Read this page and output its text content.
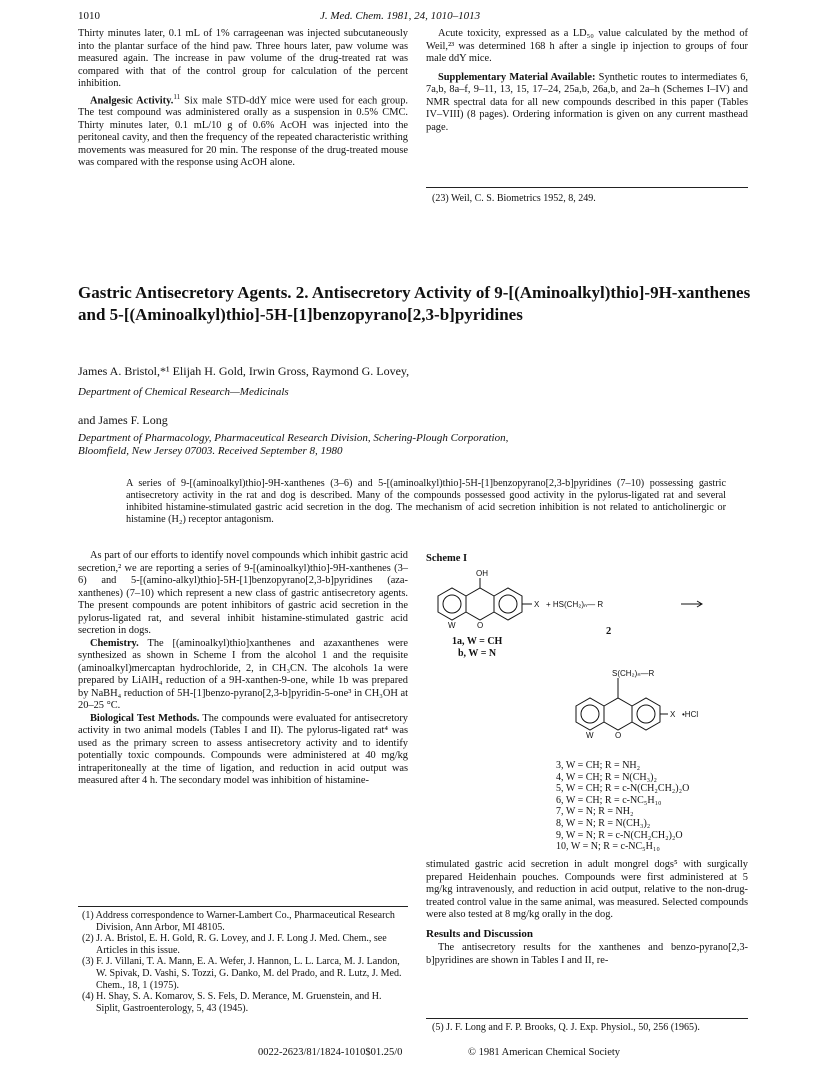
1010	J. Med. Chem. 1981, 24, 1010–1013

Thirty minutes later, 0.1 mL of 1% carrageenan was injected subcutaneously into the plantar surface of the hind paw. Three hours later, paw volume was measured again. The increase in paw volume of the drug-treated rat was compared with that of the control group for calculation of the percent inhibition.

Analgesic Activity.$^{11}$ Six male STD-ddY mice were used for each group. The test compound was administered orally as a suspension in 0.5% CMC. Thirty minutes later, 0.1 mL/10 g of 0.6% AcOH was injected into the peritoneal cavity, and then the frequency of the repeated characteristic writhing movements was measured for 20 min. The response of the drug-treated mouse was compared with the response using AcOH alone.

Acute toxicity, expressed as a LD₅₀ value calculated by the method of Weil,²³ was determined 168 h after a single ip injection to groups of four male ddY mice.

Supplementary Material Available: Synthetic routes to intermediates 6, 7a,b, 8a–f, 9–11, 13, 15, 17–24, 25a,b, 26a,b, and 2a–h (Schemes I–IV) and NMR spectral data for all new compounds described in this paper (Tables IV–VIII) (8 pages). Ordering information is given on any current masthead page.

(23) Weil, C. S. Biometrics 1952, 8, 249.
Gastric Antisecretory Agents. 2. Antisecretory Activity of 9-[(Aminoalkyl)thio]-9H-xanthenes and 5-[(Aminoalkyl)thio]-5H-[1]benzopyrano[2,3-b]pyridines
James A. Bristol,*¹ Elijah H. Gold, Irwin Gross, Raymond G. Lovey,
Department of Chemical Research—Medicinals
and James F. Long
Department of Pharmacology, Pharmaceutical Research Division, Schering-Plough Corporation,
Bloomfield, New Jersey 07003. Received September 8, 1980
A series of 9-[(aminoalkyl)thio]-9H-xanthenes (3–6) and 5-[(aminoalkyl)thio]-5H-[1]benzopyrano[2,3-b]pyridines (7–10) possessing gastric antisecretory activity in the rat and dog is described. Many of the compounds possessed good activity in the pylorus-ligated rat and several inhibited histamine-stimulated gastric acid secretion in the dog. The mechanism of acid secretion inhibition is not related to anticholinergic or histamine (H₂) receptor antagonism.

As part of our efforts to identify novel compounds which inhibit gastric acid secretion,² we are reporting a series of 9-[(aminoalkyl)thio]-9H-xanthenes (3–6) and 5-[(amino-alkyl)thio]-5H-[1]benzopyrano[2,3-b]pyridines (aza-xanthenes) (7–10) which represent a new class of gastric antisecretory agents. The present compounds are potent inhibitors of gastric acid secretion in the pylorus-ligated rat, and several inhibit histamine-stimulated gastric acid secretion in dogs.

Chemistry. The [(aminoalkyl)thio]xanthenes and azaxanthenes were synthesized as shown in Scheme I from the alcohol 1 and the requisite (aminoalkyl)mercaptan hydrochloride, 2, in CH₃CN. The alcohols 1a were prepared by LiAlH₄ reduction of a 9H-xanthen-9-one, while 1b was prepared by NaBH₄ reduction of 5H-[1]benzo-pyrano[2,3-b]pyridin-5-one³ in CH₃OH at 20–25 °C.

Biological Test Methods. The compounds were evaluated for antisecretory activity in two animal models (Tables I and II). The pylorus-ligated rat⁴ was used as the primary screen to assess antisecretory activity and to identify potentially toxic compounds. Compounds were administered at 40 mg/kg intraperitoneally at the time of ligation, and reduction in acid output was measured after 4 h. The secondary model was inhibition of histamine-

(1) Address correspondence to Warner-Lambert Co., Pharmaceutical Research Division, Ann Arbor, MI 48105.
(2) J. A. Bristol, E. H. Gold, R. G. Lovey, and J. F. Long J. Med. Chem., see Articles in this issue.
(3) F. J. Villani, T. A. Mann, E. A. Wefer, J. Hannon, L. L. Larca, M. J. Landon, W. Spivak, D. Vashi, S. Tozzi, G. Danko, M. del Prado, and R. Lutz, J. Med. Chem., 18, 1 (1975).
(4) H. Shay, S. A. Komarov, S. S. Fels, D. Merance, M. Gruenstein, and H. Siplit, Gastroenterology, 5, 43 (1945).
Scheme I
OH
X
W	O
+ HS(CH₂)ₙ— R
S(CH₂)ₙ—R
X •HCl
W	O
2
1a, W = CH
b, W = N
3, W = CH; R = NH₂
4, W = CH; R = N(CH₃)₂
5, W = CH; R = c-N(CH₂CH₂)₂O
6, W = CH; R = c-NC₅H₁₀
7, W = N; R = NH₂
8, W = N; R = N(CH₃)₂
9, W = N; R = c-N(CH₂CH₂)₂O
10, W = N; R = c-NC₅H₁₀

stimulated gastric acid secretion in adult mongrel dogs⁵ with surgically prepared Heidenhain pouches. Compounds were first administered at 5 mg/kg intravenously, and reduction in acid output, relative to the non-drug-treated control value in the same animal, was measured. Selected compounds were also tested at 8 mg/kg orally in the dog.

Results and Discussion

The antisecretory results for the xanthenes and benzo-pyrano[2,3-b]pyridines are shown in Tables I and II, re-

(5) J. F. Long and F. P. Brooks, Q. J. Exp. Physiol., 50, 256 (1965).
0022-2623/81/1824-1010$01.25/0	© 1981 American Chemical Society
